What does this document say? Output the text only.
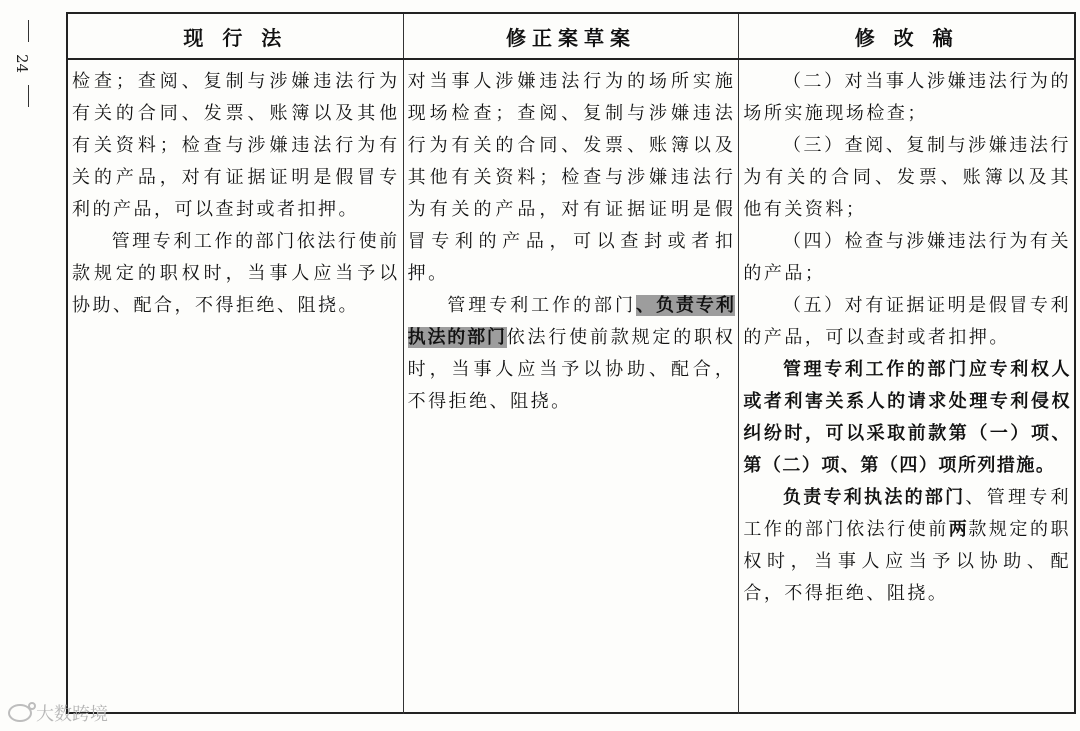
24
现 行 法	修正案草案	修 改 稿

检查；查阅、复制与涉嫌违法行为有关的合同、发票、账簿以及其他有关资料；检查与涉嫌违法行为有关的产品，对有证据证明是假冒专利的产品，可以查封或者扣押。

管理专利工作的部门依法行使前款规定的职权时，当事人应当予以协助、配合，不得拒绝、阻挠。

对当事人涉嫌违法行为的场所实施现场检查；查阅、复制与涉嫌违法行为有关的合同、发票、账簿以及其他有关资料；检查与涉嫌违法行为有关的产品，对有证据证明是假冒专利的产品，可以查封或者扣押。

管理专利工作的部门、负责专利执法的部门依法行使前款规定的职权时，当事人应当予以协助、配合，不得拒绝、阻挠。

（二）对当事人涉嫌违法行为的场所实施现场检查；

（三）查阅、复制与涉嫌违法行为有关的合同、发票、账簿以及其他有关资料；

（四）检查与涉嫌违法行为有关的产品；

（五）对有证据证明是假冒专利的产品，可以查封或者扣押。

管理专利工作的部门应专利权人或者利害关系人的请求处理专利侵权纠纷时，可以采取前款第（一）项、第（二）项、第（四）项所列措施。

负责专利执法的部门、管理专利工作的部门依法行使前两款规定的职权时，当事人应当予以协助、配合，不得拒绝、阻挠。

大数跨境
